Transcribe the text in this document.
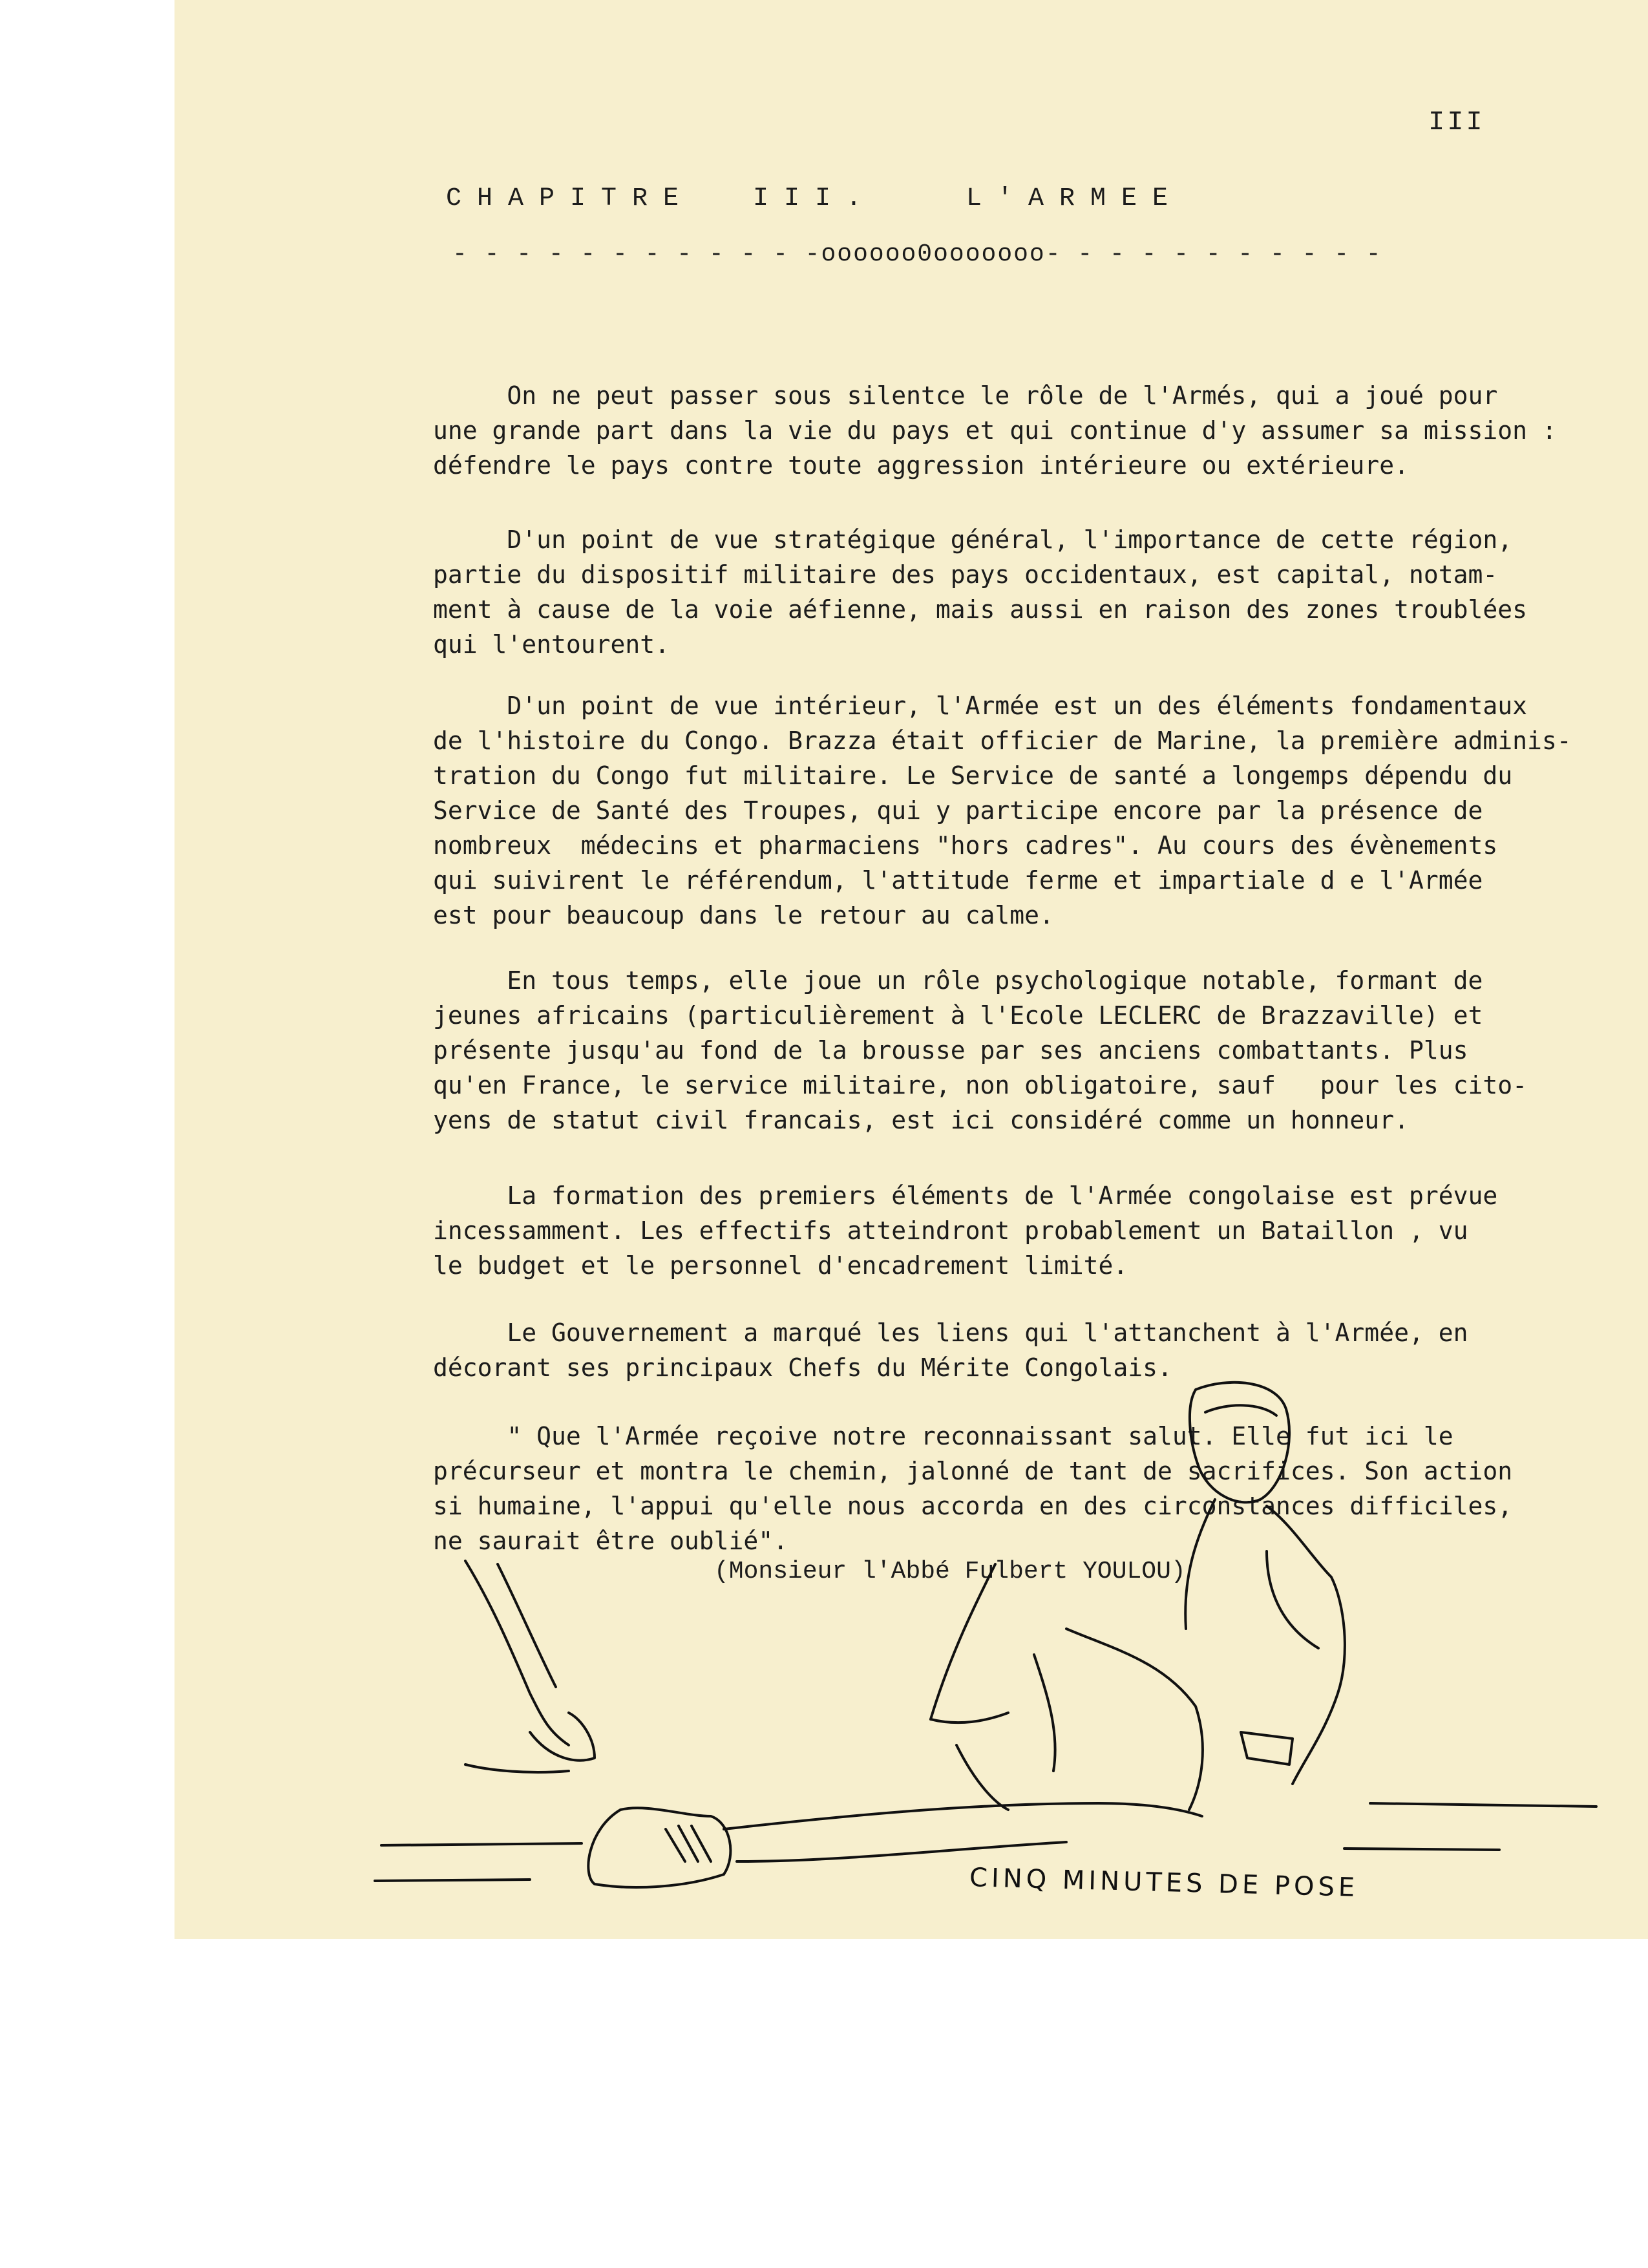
III
CHAPITRE III.	L'ARMEE
- - - - - - - - - - - -oooooo0ooooooo- - - - - - - - - - -
On ne peut passer sous silentce le rôle de l'Armés, qui a joué pour
une grande part dans la vie du pays et qui continue d'y assumer sa mission :
défendre le pays contre toute aggression intérieure ou extérieure.
D'un point de vue stratégique général, l'importance de cette région,
partie du dispositif militaire des pays occidentaux, est capital, notam-
ment à cause de la voie aéfienne, mais aussi en raison des zones troublées
qui l'entourent.
D'un point de vue intérieur, l'Armée est un des éléments fondamentaux
de l'histoire du Congo. Brazza était officier de Marine, la première adminis-
tration du Congo fut militaire. Le Service de santé a longemps dépendu du
Service de Santé des Troupes, qui y participe encore par la présence de
nombreux  médecins et pharmaciens "hors cadres". Au cours des évènements
qui suivirent le référendum, l'attitude ferme et impartiale d e l'Armée
est pour beaucoup dans le retour au calme.
En tous temps, elle joue un rôle psychologique notable, formant de
jeunes africains (particulièrement à l'Ecole LECLERC de Brazzaville) et
présente jusqu'au fond de la brousse par ses anciens combattants. Plus
qu'en France, le service militaire, non obligatoire, sauf   pour les cito-
yens de statut civil francais, est ici considéré comme un honneur.
La formation des premiers éléments de l'Armée congolaise est prévue
incessamment. Les effectifs atteindront probablement un Bataillon , vu
le budget et le personnel d'encadrement limité.
Le Gouvernement a marqué les liens qui l'attanchent à l'Armée, en
décorant ses principaux Chefs du Mérite Congolais.
" Que l'Armée reçoive notre reconnaissant salut. Elle fut ici le
précurseur et montra le chemin, jalonné de tant de sacrifices. Son action
si humaine, l'appui qu'elle nous accorda en des circonstances difficiles,
ne saurait être oublié".
(Monsieur l'Abbé Fulbert YOULOU)
CINQ MINUTES DE POSE
